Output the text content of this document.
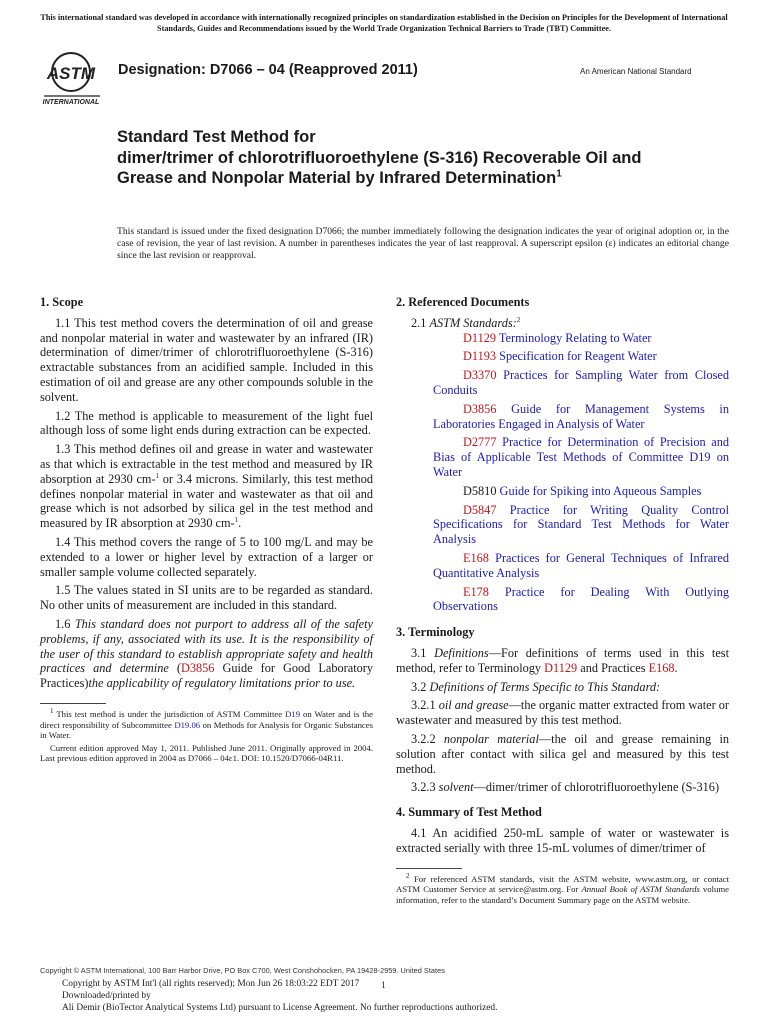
This international standard was developed in accordance with internationally recognized principles on standardization established in the Decision on Principles for the Development of International Standards, Guides and Recommendations issued by the World Trade Organization Technical Barriers to Trade (TBT) Committee.
ASTM
INTERNATIONAL
Designation: D7066 – 04 (Reapproved 2011)	An American National Standard
Standard Test Method for
dimer/trimer of chlorotrifluoroethylene (S-316) Recoverable Oil and Grease and Nonpolar Material by Infrared Determination$^1$
This standard is issued under the fixed designation D7066; the number immediately following the designation indicates the year of original adoption or, in the case of revision, the year of last revision. A number in parentheses indicates the year of last reapproval. A superscript epsilon (ε) indicates an editorial change since the last revision or reapproval.
1. Scope

1.1 This test method covers the determination of oil and grease and nonpolar material in water and wastewater by an infrared (IR) determination of dimer/trimer of chlorotrifluoroethylene (S-316) extractable substances from an acidified sample. Included in this estimation of oil and grease are any other compounds soluble in the solvent.

1.2 The method is applicable to measurement of the light fuel although loss of some light ends during extraction can be expected.

1.3 This method defines oil and grease in water and wastewater as that which is extractable in the test method and measured by IR absorption at 2930 cm-$^1$ or 3.4 microns. Similarly, this test method defines nonpolar material in water and wastewater as that oil and grease which is not adsorbed by silica gel in the test method and measured by IR absorption at 2930 cm-$^1$.

1.4 This method covers the range of 5 to 100 mg/L and may be extended to a lower or higher level by extraction of a larger or smaller sample volume collected separately.

1.5 The values stated in SI units are to be regarded as standard. No other units of measurement are included in this standard.

1.6 This standard does not purport to address all of the safety problems, if any, associated with its use. It is the responsibility of the user of this standard to establish appropriate safety and health practices and determine (D3856 Guide for Good Laboratory Practices)the applicability of regulatory limitations prior to use.

$^1$ This test method is under the jurisdiction of ASTM Committee D19 on Water and is the direct responsibility of Subcommittee D19.06 on Methods for Analysis for Organic Substances in Water.

Current edition approved May 1, 2011. Published June 2011. Originally approved in 2004. Last previous edition approved in 2004 as D7066 – 04ε1. DOI: 10.1520/D7066-04R11.

2. Referenced Documents

2.1 ASTM Standards:$^2$

D1129 Terminology Relating to Water

D1193 Specification for Reagent Water

D3370 Practices for Sampling Water from Closed Conduits

D3856 Guide for Management Systems in Laboratories Engaged in Analysis of Water

D2777 Practice for Determination of Precision and Bias of Applicable Test Methods of Committee D19 on Water

D5810 Guide for Spiking into Aqueous Samples

D5847 Practice for Writing Quality Control Specifications for Standard Test Methods for Water Analysis

E168 Practices for General Techniques of Infrared Quantitative Analysis

E178 Practice for Dealing With Outlying Observations

3. Terminology

3.1 Definitions—For definitions of terms used in this test method, refer to Terminology D1129 and Practices E168.

3.2 Definitions of Terms Specific to This Standard:

3.2.1 oil and grease—the organic matter extracted from water or wastewater and measured by this test method.

3.2.2 nonpolar material—the oil and grease remaining in solution after contact with silica gel and measured by this test method.

3.2.3 solvent—dimer/trimer of chlorotrifluoroethylene (S-316)

4. Summary of Test Method

4.1 An acidified 250-mL sample of water or wastewater is extracted serially with three 15-mL volumes of dimer/trimer of

$^2$ For referenced ASTM standards, visit the ASTM website, www.astm.org, or contact ASTM Customer Service at service@astm.org. For Annual Book of ASTM Standards volume information, refer to the standard’s Document Summary page on the ASTM website.

Copyright © ASTM International, 100 Barr Harbor Drive, PO Box C700, West Conshohocken, PA 19428-2959. United States
Copyright by ASTM Int'l (all rights reserved); Mon Jun 26 18:03:22 EDT 2017
Downloaded/printed by
Ali Demir (BioTector Analytical Systems Ltd) pursuant to License Agreement. No further reproductions authorized.
1
